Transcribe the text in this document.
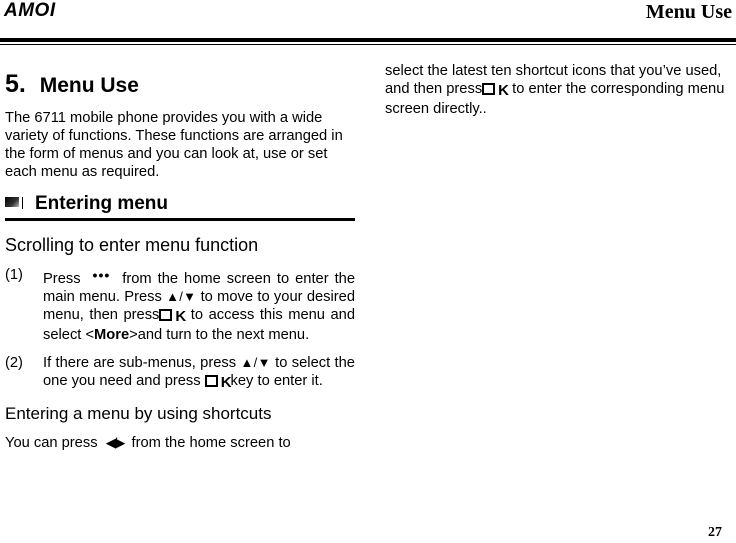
AMOI	Menu Use
5. Menu Use

The 6711 mobile phone provides you with a wide variety of functions. These functions are arranged in the form of menus and you can look at, use or set each menu as required.

Entering menu
Scrolling to enter menu function
(1) Press ••• from the home screen to enter the main menu. Press ▲/▼ to move to your desired menu, then press K to access this menu and select <More>and turn to the next menu.
(2) If there are sub-menus, press ▲/▼ to select the one you need and press Kkey to enter it.
Entering a menu by using shortcuts

You can press ◀/▶ from the home screen to

select the latest ten shortcut icons that you’ve used, and then press K to enter the corresponding menu screen directly..

27
